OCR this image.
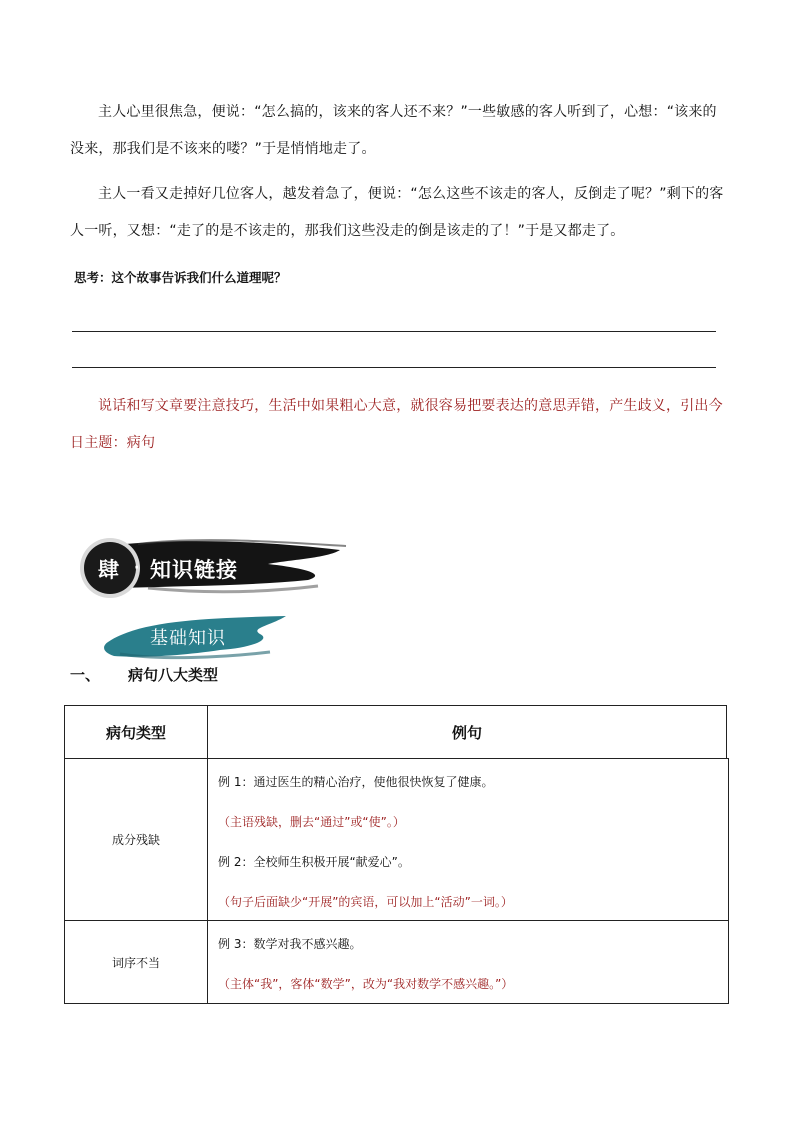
主人心里很焦急，便说：“怎么搞的，该来的客人还不来？”一些敏感的客人听到了，心想：“该来的没来，那我们是不该来的喽？”于是悄悄地走了。

主人一看又走掉好几位客人，越发着急了，便说：“怎么这些不该走的客人，反倒走了呢？”剩下的客人一听，又想：“走了的是不该走的，那我们这些没走的倒是该走的了！”于是又都走了。

思考：这个故事告诉我们什么道理呢？

说话和写文章要注意技巧，生活中如果粗心大意，就很容易把要表达的意思弄错，产生歧义，引出今日主题：病句

肆 · 知识链接
基础知识
一、 病句八大类型
病句类型	例句
成分残缺
例 1：通过医生的精心治疗，使他很快恢复了健康。
（主语残缺，删去“通过”或“使”。）
例 2：全校师生积极开展“献爱心”。
（句子后面缺少“开展”的宾语，可以加上“活动”一词。）
词序不当
例 3：数学对我不感兴趣。
（主体“我”，客体“数学”，改为“我对数学不感兴趣。”）
